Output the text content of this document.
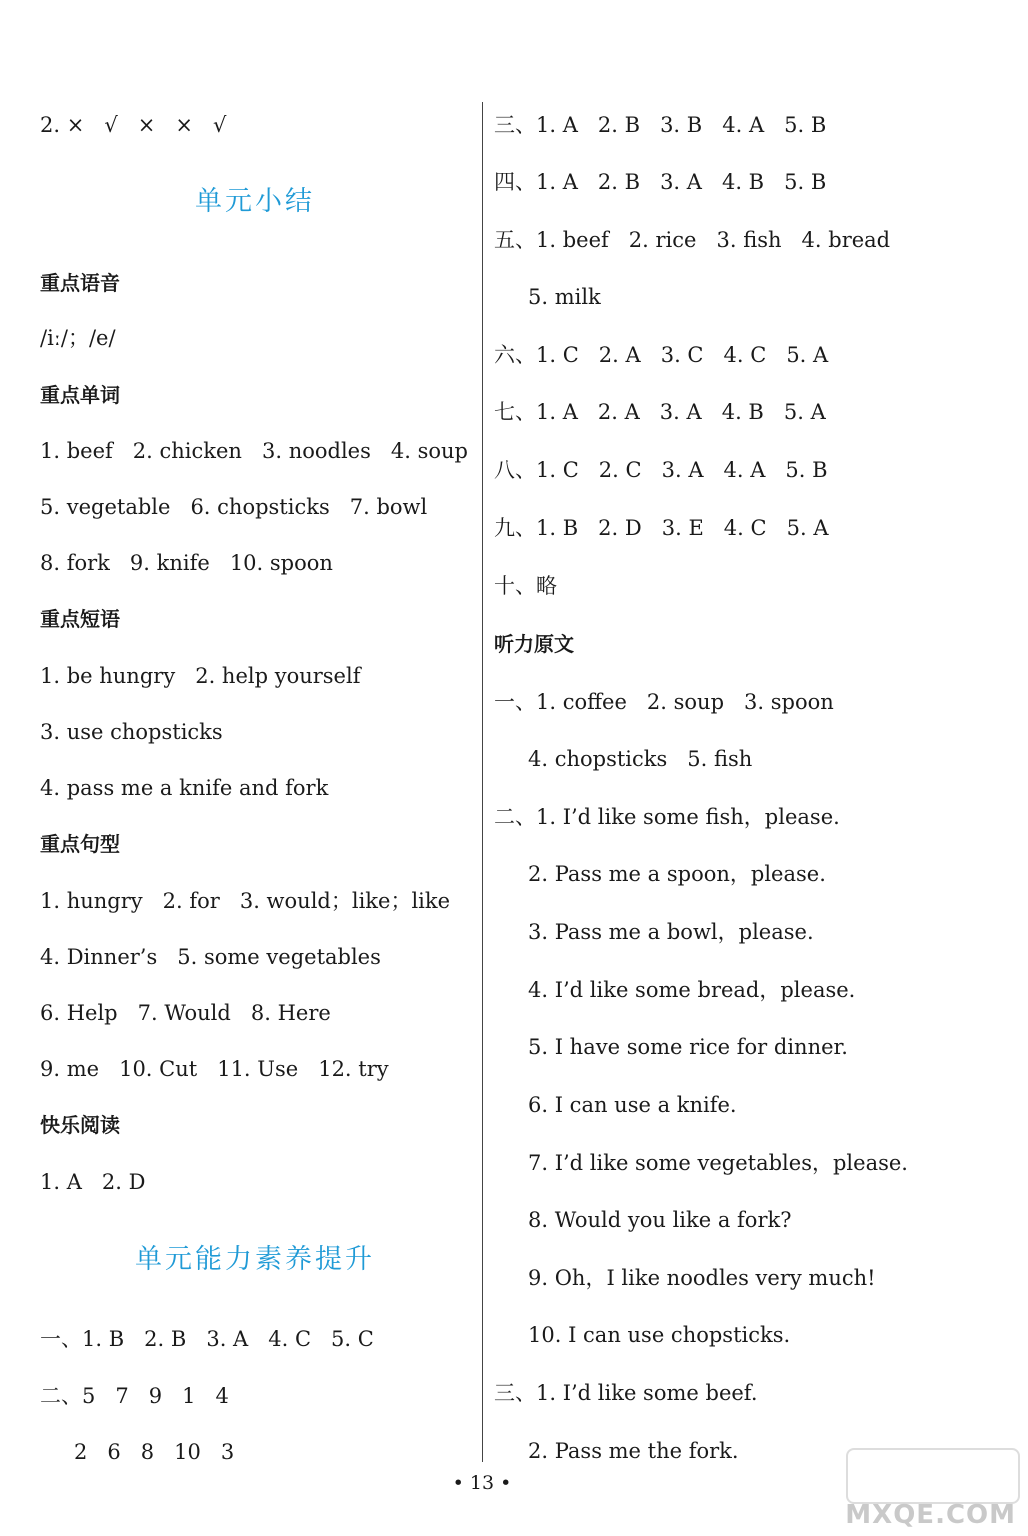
2. ×   √   ×   ×   √
单元小结
重点语音
/iː/；/e/
重点单词
1. beef   2. chicken   3. noodles   4. soup
5. vegetable   6. chopsticks   7. bowl
8. fork   9. knife   10. spoon
重点短语
1. be hungry   2. help yourself
3. use chopsticks
4. pass me a knife and fork
重点句型
1. hungry   2. for   3. would；like；like
4. Dinner’s   5. some vegetables
6. Help   7. Would   8. Here
9. me   10. Cut   11. Use   12. try
快乐阅读
1. A   2. D
单元能力素养提升
一、1. B   2. B   3. A   4. C   5. C
二、5   7   9   1   4
2   6   8   10   3
三、1. A   2. B   3. B   4. A   5. B
四、1. A   2. B   3. A   4. B   5. B
五、1. beef   2. rice   3. fish   4. bread
5. milk
六、1. C   2. A   3. C   4. C   5. A
七、1. A   2. A   3. A   4. B   5. A
八、1. C   2. C   3. A   4. A   5. B
九、1. B   2. D   3. E   4. C   5. A
十、略
听力原文
一、1. coffee   2. soup   3. spoon
4. chopsticks   5. fish
二、1. I’d like some fish，please.
2. Pass me a spoon，please.
3. Pass me a bowl，please.
4. I’d like some bread，please.
5. I have some rice for dinner.
6. I can use a knife.
7. I’d like some vegetables，please.
8. Would you like a fork?
9. Oh，I like noodles very much!
10. I can use chopsticks.
三、1. I’d like some beef.
2. Pass me the fork.
• 13 •
MXQE.COM
